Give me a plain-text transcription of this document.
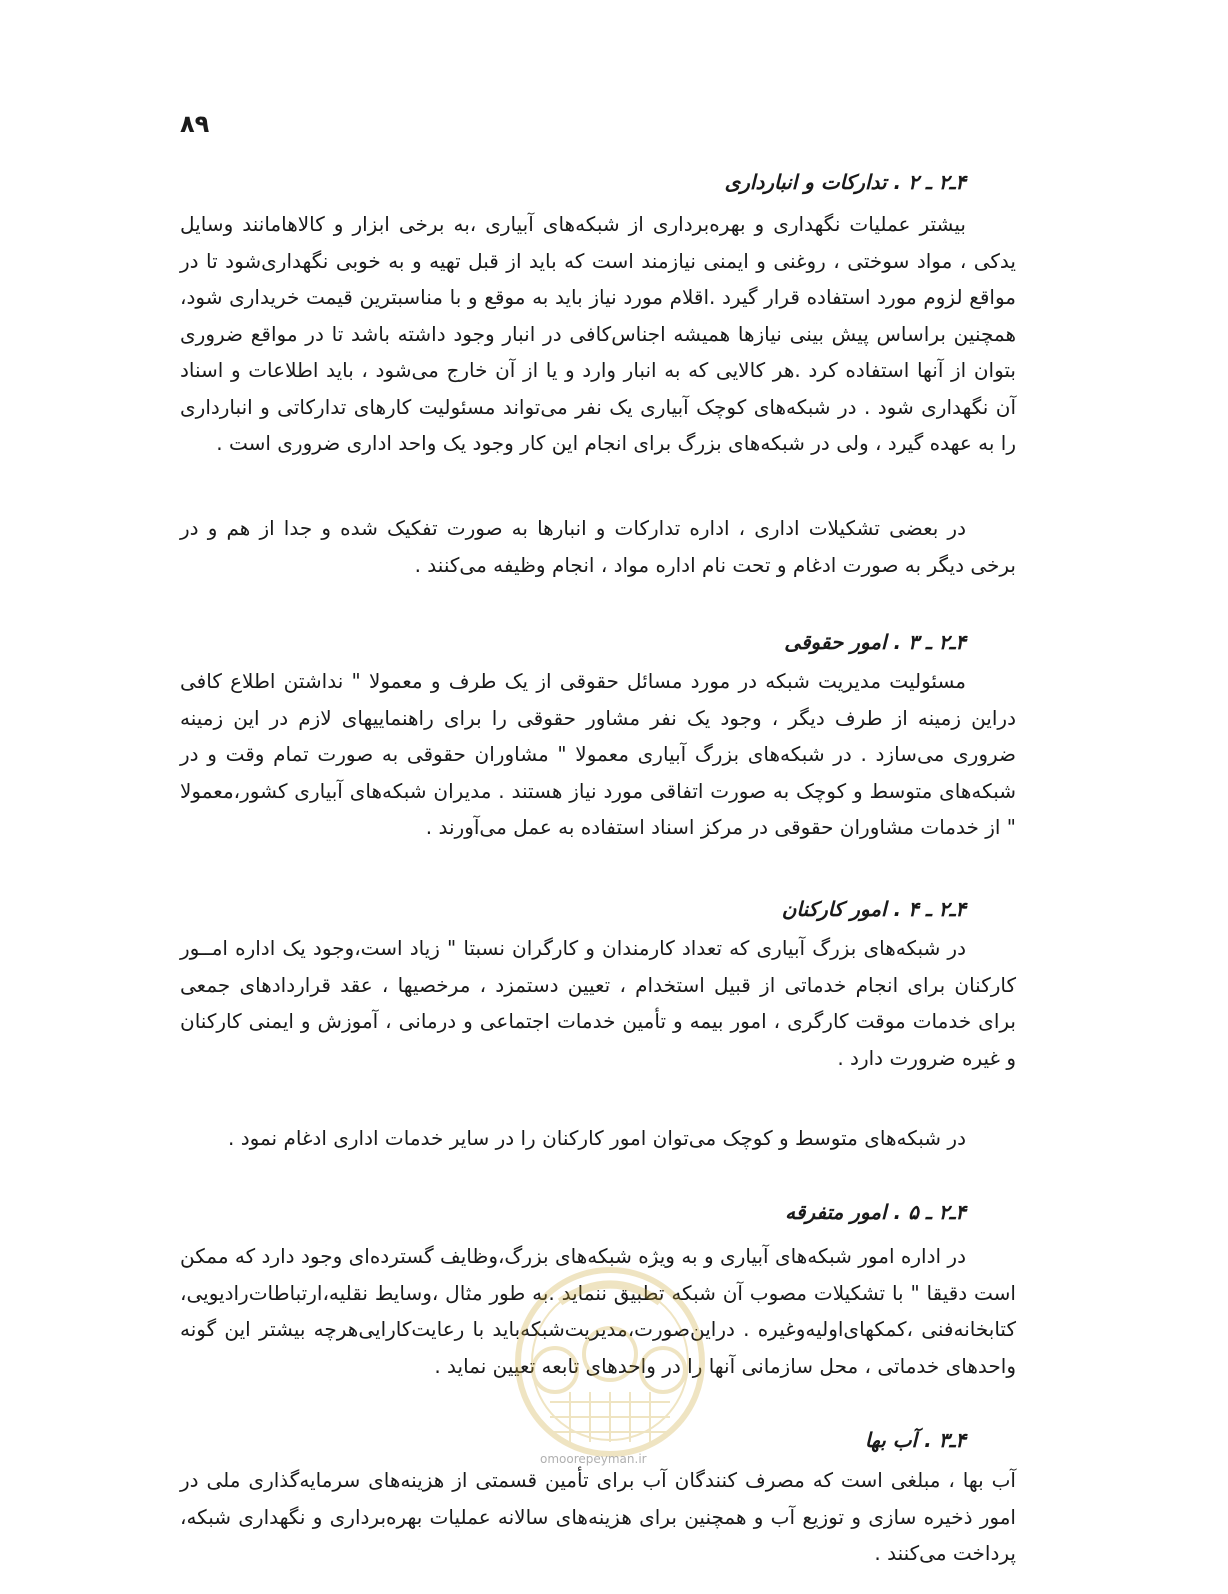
۸۹
۴ـ۲ ـ ۲ . تدارکات و انبارداری
بیشتر عملیات نگهداری و بهره‌برداری از شبکه‌های آبیاری ،به برخی ابزار و کالاهامانند وسایل یدکی ، مواد سوختی ، روغنی و ایمنی نیازمند است که باید از قبل تهیه و به خوبی نگهداری‌شود تا در مواقع لزوم مورد استفاده قرار گیرد .اقلام مورد نیاز باید به موقع و با مناسبترین قیمت خریداری شود، همچنین براساس پیش بینی نیازها همیشه اجناس‌کافی در انبار وجود داشته باشد تا در مواقع ضروری بتوان از آنها استفاده کرد .هر کالایی که به انبار وارد و یا از آن خارج می‌شود ، باید اطلاعات و اسناد آن نگهداری شود . در شبکه‌های کوچک آبیاری یک نفر می‌تواند مسئولیت کارهای تدارکاتی و انبارداری را به عهده گیرد ، ولی در شبکه‌های بزرگ برای انجام این کار وجود یک واحد اداری ضروری است .
در بعضی تشکیلات اداری ، اداره تدارکات و انبارها به صورت تفکیک شده و جدا از هم و در برخی دیگر به صورت ادغام و تحت نام اداره مواد ، انجام وظیفه می‌کنند .
۴ـ۲ ـ ۳ . امور حقوقی
مسئولیت مدیریت شبکه در مورد مسائل حقوقی از یک طرف و معمولا " نداشتن اطلاع کافی دراین زمینه از طرف دیگر ، وجود یک نفر مشاور حقوقی را برای راهنماییهای لازم در این زمینه ضروری می‌سازد . در شبکه‌های بزرگ آبیاری معمولا " مشاوران حقوقی به صورت تمام وقت و در شبکه‌های متوسط و کوچک به صورت اتفاقی مورد نیاز هستند . مدیران شبکه‌های آبیاری کشور،معمولا " از خدمات مشاوران حقوقی در مرکز اسناد استفاده به عمل می‌آورند .
۴ـ۲ ـ ۴ . امور کارکنان
در شبکه‌های بزرگ آبیاری که تعداد کارمندان و کارگران نسبتا " زیاد است،وجود یک اداره امــور کارکنان برای انجام خدماتی از قبیل استخدام ، تعیین دستمزد ، مرخصیها ، عقد قراردادهای جمعی برای خدمات موقت کارگری ، امور بیمه و تأمین خدمات اجتماعی و درمانی ، آموزش و ایمنی کارکنان و غیره ضرورت دارد .
در شبکه‌های متوسط و کوچک می‌توان امور کارکنان را در سایر خدمات اداری ادغام نمود .
۴ـ۲ ـ ۵ . امور متفرقه
در اداره امور شبکه‌های آبیاری و به ویژه شبکه‌های بزرگ،وظایف گسترده‌ای وجود دارد که ممکن است دقیقا " با تشکیلات مصوب آن شبکه تطبیق ننماید .به طور مثال ،وسایط نقلیه،ارتباطات‌رادیویی، کتابخانه‌فنی ،کمکهای‌اولیه‌وغیره . در‌این‌صورت،مدیریت‌شبکه‌باید با رعایت‌کارایی‌هرچه بیشتر این گونه واحدهای خدماتی ، محل سازمانی آنها را در واحدهای تابعه تعیین نماید .
۴ـ۳ . آب بها
آب بها ، مبلغی است که مصرف کنندگان آب برای تأمین قسمتی از هزینه‌های سرمایه‌گذاری ملی در امور ذخیره سازی و توزیع آب و همچنین برای هزینه‌های سالانه عملیات بهره‌برداری و نگهداری شبکه، پرداخت می‌کنند .
omoorepeyman.ir
